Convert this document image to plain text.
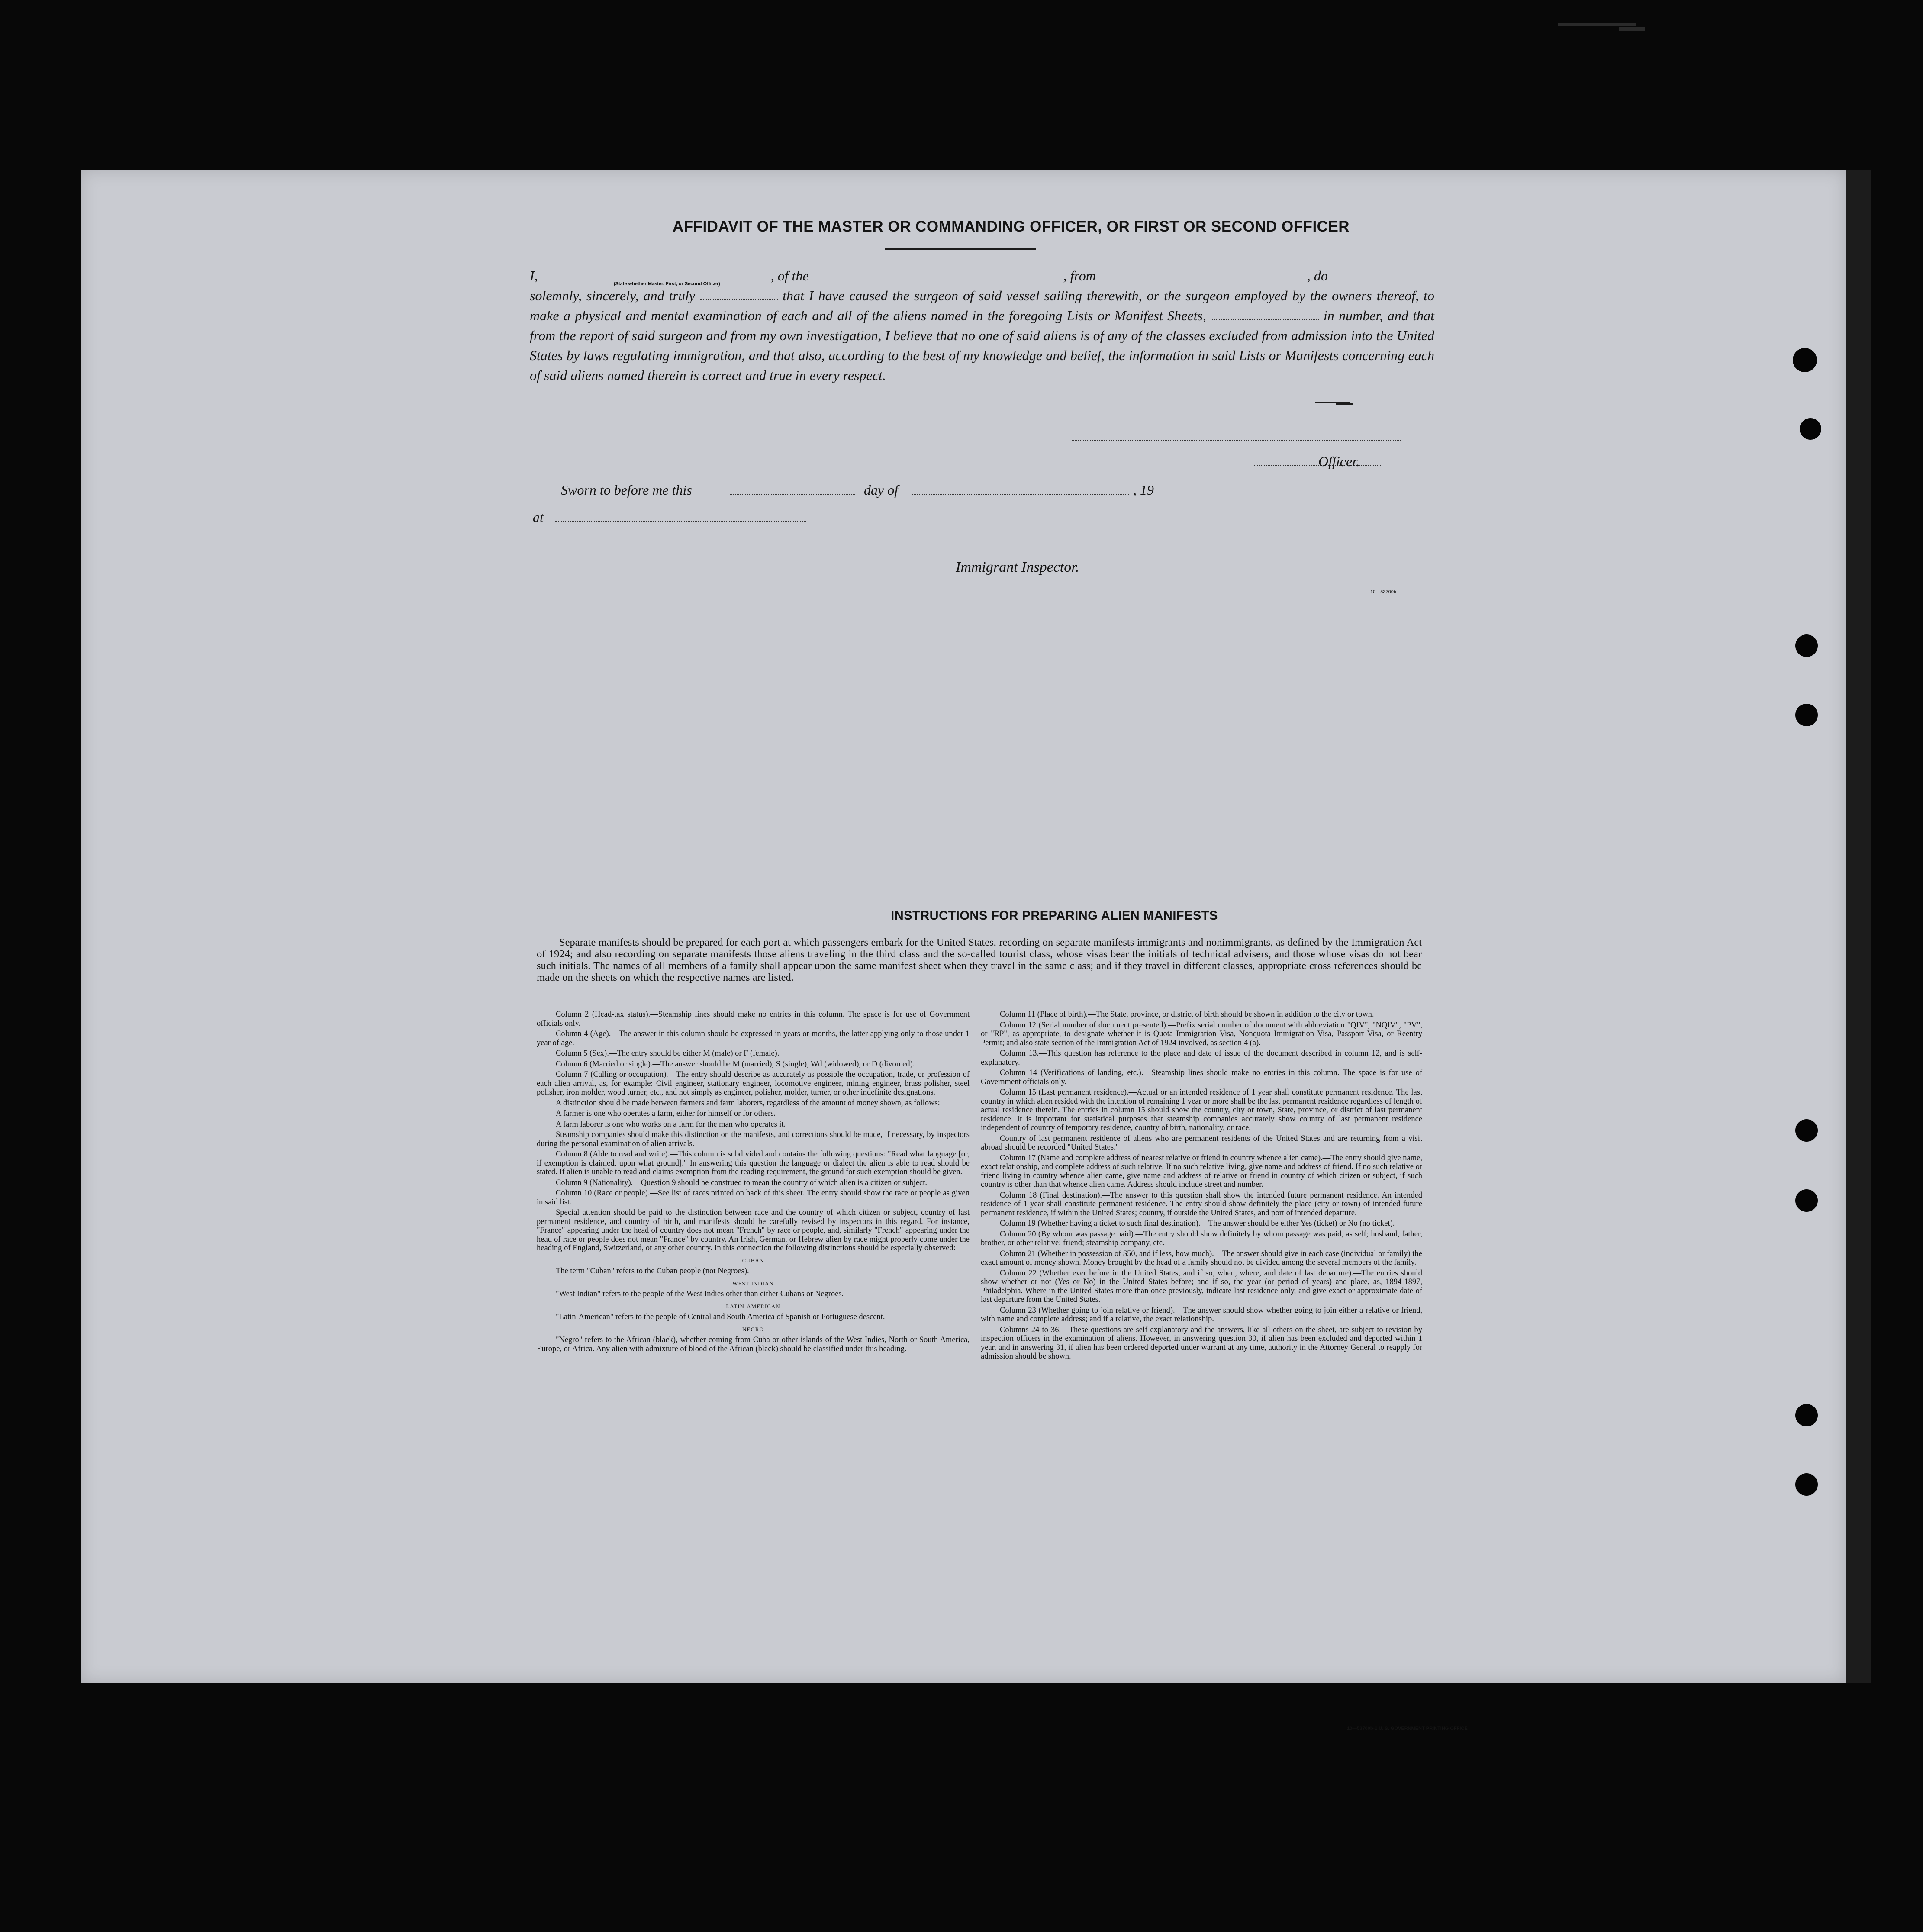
AFFIDAVIT OF THE MASTER OR COMMANDING OFFICER, OR FIRST OR SECOND OFFICER

I,	, of the	, from	, do

solemnly, sincerely, and truly	that I have caused the surgeon of said vessel sailing therewith, or the surgeon employed by the owners thereof, to make a physical and mental examination of each and all of the aliens named in the foregoing Lists or Manifest Sheets,	in number, and that from the report of said surgeon and from my own investigation, I believe that no one of said aliens is of any of the classes excluded from admission into the United States by laws regulating immigration, and that also, according to the best of my knowledge and belief, the information in said Lists or Manifests concerning each of said aliens named therein is correct and true in every respect.

(State whether Master, First, or Second Officer)
Officer.
Sworn to before me this	day of	, 19
at
Immigrant Inspector.
10—53700b
INSTRUCTIONS FOR PREPARING ALIEN MANIFESTS
Separate manifests should be prepared for each port at which passengers embark for the United States, recording on separate manifests immigrants and nonimmigrants, as defined by the Immigration Act of 1924; and also recording on separate manifests those aliens traveling in the third class and the so-called tourist class, whose visas bear the initials of technical advisers, and those whose visas do not bear such initials. The names of all members of a family shall appear upon the same manifest sheet when they travel in the same class; and if they travel in different classes, appropriate cross references should be made on the sheets on which the respective names are listed.

Column 2 (Head-tax status).—Steamship lines should make no entries in this column. The space is for use of Government officials only.

Column 4 (Age).—The answer in this column should be expressed in years or months, the latter applying only to those under 1 year of age.

Column 5 (Sex).—The entry should be either M (male) or F (female).

Column 6 (Married or single).—The answer should be M (married), S (single), Wd (widowed), or D (divorced).

Column 7 (Calling or occupation).—The entry should describe as accurately as possible the occupation, trade, or profession of each alien arrival, as, for example: Civil engineer, stationary engineer, locomotive engineer, mining engineer, brass polisher, steel polisher, iron molder, wood turner, etc., and not simply as engineer, polisher, molder, turner, or other indefinite designations.

A distinction should be made between farmers and farm laborers, regardless of the amount of money shown, as follows:

A farmer is one who operates a farm, either for himself or for others.

A farm laborer is one who works on a farm for the man who operates it.

Steamship companies should make this distinction on the manifests, and corrections should be made, if necessary, by inspectors during the personal examination of alien arrivals.

Column 8 (Able to read and write).—This column is subdivided and contains the following questions: "Read what language [or, if exemption is claimed, upon what ground]." In answering this question the language or dialect the alien is able to read should be stated. If alien is unable to read and claims exemption from the reading requirement, the ground for such exemption should be given.

Column 9 (Nationality).—Question 9 should be construed to mean the country of which alien is a citizen or subject.

Column 10 (Race or people).—See list of races printed on back of this sheet. The entry should show the race or people as given in said list.

Special attention should be paid to the distinction between race and the country of which citizen or subject, country of last permanent residence, and country of birth, and manifests should be carefully revised by inspectors in this regard. For instance, "France" appearing under the head of country does not mean "French" by race or people, and, similarly "French" appearing under the head of race or people does not mean "France" by country. An Irish, German, or Hebrew alien by race might properly come under the heading of England, Switzerland, or any other country. In this connection the following distinctions should be especially observed:

CUBAN

The term "Cuban" refers to the Cuban people (not Negroes).

WEST INDIAN

"West Indian" refers to the people of the West Indies other than either Cubans or Negroes.

LATIN-AMERICAN

"Latin-American" refers to the people of Central and South America of Spanish or Portuguese descent.

NEGRO

"Negro" refers to the African (black), whether coming from Cuba or other islands of the West Indies, North or South America, Europe, or Africa. Any alien with admixture of blood of the African (black) should be classified under this heading.

Column 11 (Place of birth).—The State, province, or district of birth should be shown in addition to the city or town.

Column 12 (Serial number of document presented).—Prefix serial number of document with abbreviation "QIV", "NQIV", "PV", or "RP", as appropriate, to designate whether it is Quota Immigration Visa, Nonquota Immigration Visa, Passport Visa, or Reentry Permit; and also state section of the Immigration Act of 1924 involved, as section 4 (a).

Column 13.—This question has reference to the place and date of issue of the document described in column 12, and is self-explanatory.

Column 14 (Verifications of landing, etc.).—Steamship lines should make no entries in this column. The space is for use of Government officials only.

Column 15 (Last permanent residence).—Actual or an intended residence of 1 year shall constitute permanent residence. The last country in which alien resided with the intention of remaining 1 year or more shall be the last permanent residence regardless of length of actual residence therein. The entries in column 15 should show the country, city or town, State, province, or district of last permanent residence. It is important for statistical purposes that steamship companies accurately show country of last permanent residence independent of country of temporary residence, country of birth, nationality, or race.

Country of last permanent residence of aliens who are permanent residents of the United States and are returning from a visit abroad should be recorded "United States."

Column 17 (Name and complete address of nearest relative or friend in country whence alien came).—The entry should give name, exact relationship, and complete address of such relative. If no such relative living, give name and address of friend. If no such relative or friend living in country whence alien came, give name and address of relative or friend in country of which citizen or subject, if such country is other than that whence alien came. Address should include street and number.

Column 18 (Final destination).—The answer to this question shall show the intended future permanent residence. An intended residence of 1 year shall constitute permanent residence. The entry should show definitely the place (city or town) of intended future permanent residence, if within the United States; country, if outside the United States, and port of intended departure.

Column 19 (Whether having a ticket to such final destination).—The answer should be either Yes (ticket) or No (no ticket).

Column 20 (By whom was passage paid).—The entry should show definitely by whom passage was paid, as self; husband, father, brother, or other relative; friend; steamship company, etc.

Column 21 (Whether in possession of $50, and if less, how much).—The answer should give in each case (individual or family) the exact amount of money shown. Money brought by the head of a family should not be divided among the several members of the family.

Column 22 (Whether ever before in the United States; and if so, when, where, and date of last departure).—The entries should show whether or not (Yes or No) in the United States before; and if so, the year (or period of years) and place, as, 1894-1897, Philadelphia. Where in the United States more than once previously, indicate last residence only, and give exact or approximate date of last departure from the United States.

Column 23 (Whether going to join relative or friend).—The answer should show whether going to join either a relative or friend, with name and complete address; and if a relative, the exact relationship.

Columns 24 to 36.—These questions are self-explanatory and the answers, like all others on the sheet, are subject to revision by inspection officers in the examination of aliens. However, in answering question 30, if alien has been excluded and deported within 1 year, and in answering 31, if alien has been ordered deported under warrant at any time, authority in the Attorney General to reapply for admission should be shown.

10—53700b-1 U. S. GOVERNMENT PRINTING OFFICE
